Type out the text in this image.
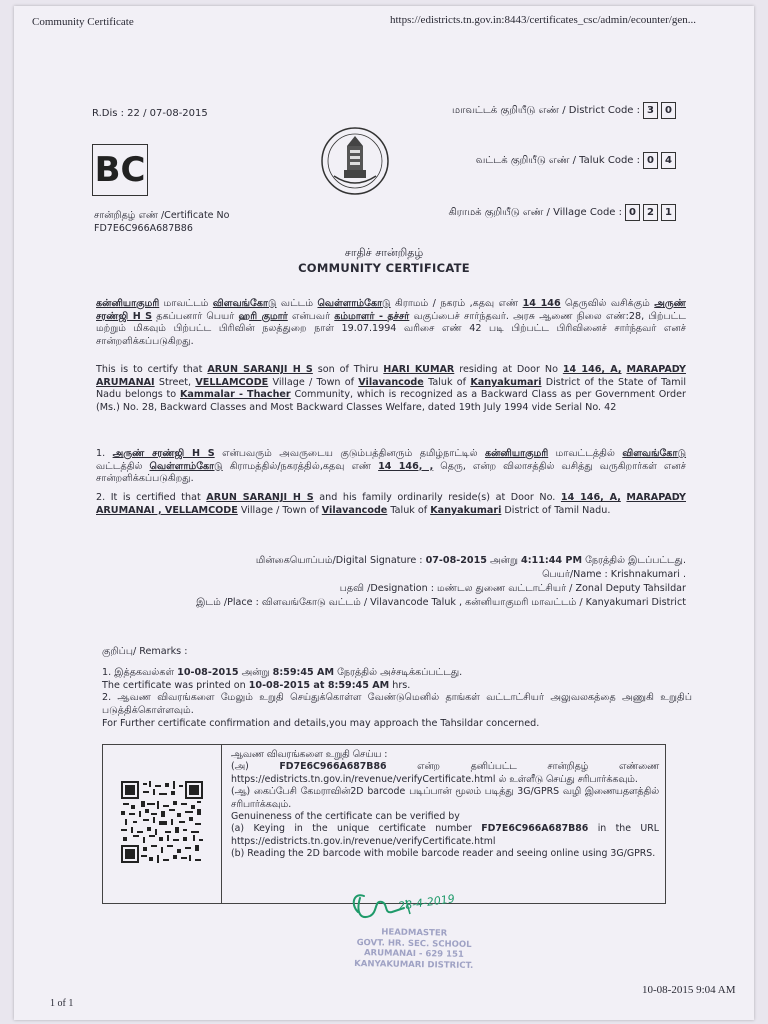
Community Certificate	https://edistricts.tn.gov.in:8443/certificates_csc/admin/ecounter/gen...
R.Dis : 22 / 07-08-2015	மாவட்டக் குறியீடு எண் / District Code : 3	0
வட்டக் குறியீடு எண் / Taluk Code : 0	4
கிராமக் குறியீடு எண் / Village Code : 0	2	1
BC
சான்றிதழ் எண் /Certificate No
FD7E6C966A687B86
சாதிச் சான்றிதழ்
COMMUNITY CERTIFICATE
கன்னியாகுமரி மாவட்டம் விளவங்கோடு வட்டம் வெள்ளாம்கோடு கிராமம் / நகரம் ,கதவு எண் 14 146 தெருவில் வசிக்கும் அருண் சரண்ஜி H S தகப்பனார் பெயர் ஹரி குமார் என்பவர் கம்மாளர் - தச்சர் வகுப்பைச் சார்ந்தவர். அரசு ஆணை நிலை எண்:28, பிற்பட்ட மற்றும் மிகவும் பிற்பட்ட பிரிவின் நலத்துறை நாள் 19.07.1994 வரிசை எண் 42 படி பிற்பட்ட பிரிவினைச் சார்ந்தவர் எனச் சான்றளிக்கப்படுகிறது.
This is to certify that ARUN SARANJI H S son of Thiru HARI KUMAR residing at Door No 14 146, A, MARAPADY ARUMANAI Street, VELLAMCODE Village / Town of Vilavancode Taluk of Kanyakumari District of the State of Tamil Nadu belongs to Kammalar - Thacher Community, which is recognized as a Backward Class as per Government Order (Ms.) No. 28, Backward Classes and Most Backward Classes Welfare, dated 19th July 1994 vide Serial No. 42
1. அருண் சரண்ஜி H S என்பவரும் அவருடைய குடும்பத்தினரும் தமிழ்நாட்டில் கன்னியாகுமரி மாவட்டத்தில் விளவங்கோடு வட்டத்தில் வெள்ளாம்கோடு கிராமத்தில்/நகரத்தில்,கதவு எண் 14 146, , தெரு, என்ற விலாசத்தில் வசித்து வருகிறார்கள் எனச் சான்றளிக்கப்படுகிறது.
2. It is certified that ARUN SARANJI H S and his family ordinarily reside(s) at Door No. 14 146, A, MARAPADY ARUMANAI , VELLAMCODE Village / Town of Vilavancode Taluk of Kanyakumari District of Tamil Nadu.
மின்கையொப்பம்/Digital Signature : 07-08-2015 அன்று 4:11:44 PM நேரத்தில் இடப்பட்டது.
பெயர்/Name : Krishnakumari .
பதவி /Designation : மண்டல துணை வட்டாட்சியர் / Zonal Deputy Tahsildar
இடம் /Place : விளவங்கோடு வட்டம் / Vilavancode Taluk , கன்னியாகுமரி மாவட்டம் / Kanyakumari District
குறிப்பு/ Remarks :
1. இத்தகவல்கள் 10-08-2015 அன்று 8:59:45 AM நேரத்தில் அச்சடிக்கப்பட்டது.
The certificate was printed on 10-08-2015 at 8:59:45 AM hrs.
2. ஆவண விவரங்களை மேலும் உறுதி செய்துக்கொள்ள வேண்டுமெனில் தாங்கள் வட்டாட்சியர் அலுவலகத்தை அணுகி உறுதிப் படுத்திக்கொள்ளவும்.
For Further certificate confirmation and details,you may approach the Tahsildar concerned.
ஆவண விவரங்களை உறுதி செய்ய :
(அ) FD7E6C966A687B86 என்ற தனிப்பட்ட சான்றிதழ் எண்ணை https://edistricts.tn.gov.in/revenue/verifyCertificate.html ல் உள்ளீடு செய்து சரிபார்க்கவும்.
(ஆ) கைப்பேசி கேமராவின்2D barcode படிப்பான் மூலம் படித்து 3G/GPRS வழி இணையதளத்தில் சரிபார்க்கவும்.
Genuineness of the certificate can be verified by
(a) Keying in the unique certificate number FD7E6C966A687B86 in the URL https://edistricts.tn.gov.in/revenue/verifyCertificate.html
(b) Reading the 2D barcode with mobile barcode reader and seeing online using 3G/GPRS.
28-4-2019
HEADMASTER
GOVT. HR. SEC. SCHOOL
ARUMANAI - 629 151
KANYAKUMARI DISTRICT.
1 of 1
10-08-2015 9:04 AM
